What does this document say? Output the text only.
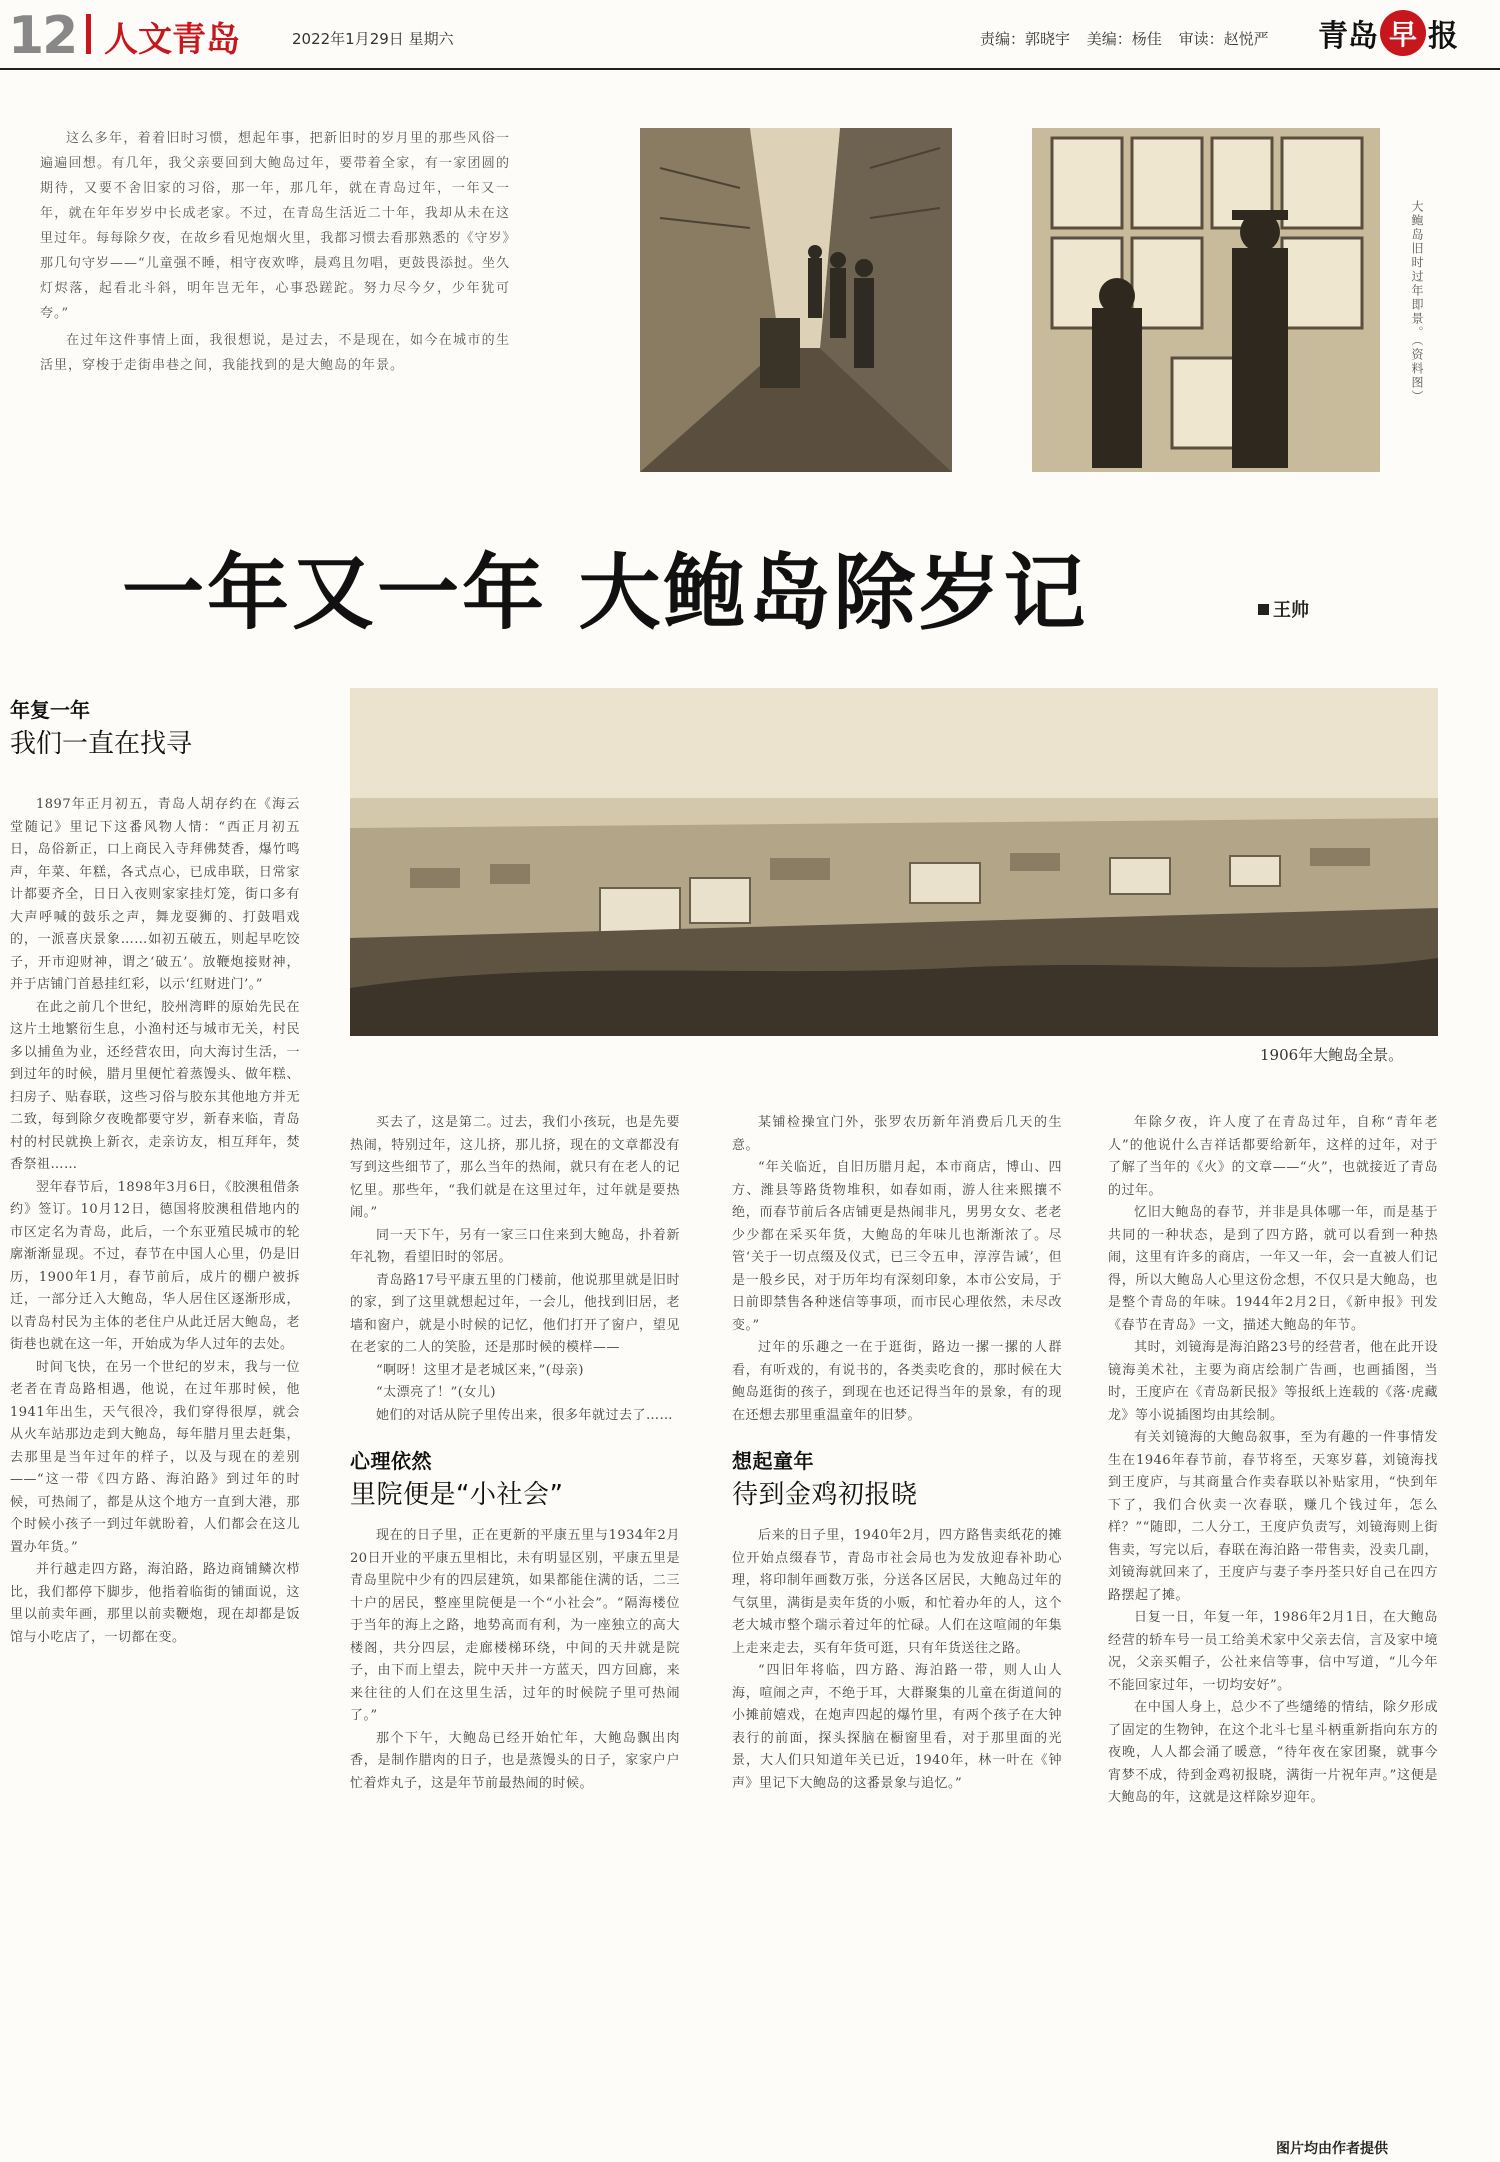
12 人文青岛	2022年1月29日 星期六	责编：郭晓宇 美编：杨佳 审读：赵悦严	青岛 早 报

这么多年，着着旧时习惯，想起年事，把新旧时的岁月里的那些风俗一遍遍回想。有几年，我父亲要回到大鲍岛过年，要带着全家，有一家团圆的期待，又要不舍旧家的习俗，那一年，那几年，就在青岛过年，一年又一年，就在年年岁岁中长成老家。不过，在青岛生活近二十年，我却从未在这里过年。每每除夕夜，在故乡看见炮烟火里，我都习惯去看那熟悉的《守岁》那几句守岁——“儿童强不睡，相守夜欢哗，晨鸡且勿唱，更鼓畏添挝。坐久灯烬落，起看北斗斜，明年岂无年，心事恐蹉跎。努力尽今夕，少年犹可夸。”

在过年这件事情上面，我很想说，是过去，不是现在，如今在城市的生活里，穿梭于走街串巷之间，我能找到的是大鲍岛的年景。	大鲍岛旧时过年即景。（资料图）
一年又一年 大鲍岛除岁记	王帅
1906年大鲍岛全景。
年复一年
我们一直在找寻

1897年正月初五，青岛人胡存约在《海云堂随记》里记下这番风物人情：“西正月初五日，岛俗新正，口上商民入寺拜佛焚香，爆竹鸣声，年菜、年糕，各式点心，已成串联，日常家计都要齐全，日日入夜则家家挂灯笼，街口多有大声呼喊的鼓乐之声，舞龙耍狮的、打鼓唱戏的，一派喜庆景象……如初五破五，则起早吃饺子，开市迎财神，谓之‘破五’。放鞭炮接财神，并于店铺门首悬挂红彩，以示‘红财进门’。”

在此之前几个世纪，胶州湾畔的原始先民在这片土地繁衍生息，小渔村还与城市无关，村民多以捕鱼为业，还经营农田，向大海讨生活，一到过年的时候，腊月里便忙着蒸馒头、做年糕、扫房子、贴春联，这些习俗与胶东其他地方并无二致，每到除夕夜晚都要守岁，新春来临，青岛村的村民就换上新衣，走亲访友，相互拜年，焚香祭祖……

翌年春节后，1898年3月6日，《胶澳租借条约》签订。10月12日，德国将胶澳租借地内的市区定名为青岛，此后，一个东亚殖民城市的轮廓渐渐显现。不过，春节在中国人心里，仍是旧历，1900年1月，春节前后，成片的棚户被拆迁，一部分迁入大鲍岛，华人居住区逐渐形成，以青岛村民为主体的老住户从此迁居大鲍岛，老街巷也就在这一年，开始成为华人过年的去处。

时间飞快，在另一个世纪的岁末，我与一位老者在青岛路相遇，他说，在过年那时候，他1941年出生，天气很冷，我们穿得很厚，就会从火车站那边走到大鲍岛，每年腊月里去赶集，去那里是当年过年的样子，以及与现在的差别——“这一带《四方路、海泊路》到过年的时候，可热闹了，都是从这个地方一直到大港，那个时候小孩子一到过年就盼着，人们都会在这儿置办年货。”

并行越走四方路，海泊路，路边商铺鳞次栉比，我们都停下脚步，他指着临街的铺面说，这里以前卖年画，那里以前卖鞭炮，现在却都是饭馆与小吃店了，一切都在变。

买去了，这是第二。过去，我们小孩玩，也是先要热闹，特别过年，这儿挤，那儿挤，现在的文章都没有写到这些细节了，那么当年的热闹，就只有在老人的记忆里。那些年，“我们就是在这里过年，过年就是要热闹。”

同一天下午，另有一家三口住来到大鲍岛，扑着新年礼物，看望旧时的邻居。

青岛路17号平康五里的门楼前，他说那里就是旧时的家，到了这里就想起过年，一会儿，他找到旧居，老墙和窗户，就是小时候的记忆，他们打开了窗户，望见在老家的二人的笑脸，还是那时候的模样——

“啊呀！这里才是老城区来，”(母亲)

“太漂亮了！”(女儿)

她们的对话从院子里传出来，很多年就过去了……

心理依然
里院便是“小社会”

现在的日子里，正在更新的平康五里与1934年2月20日开业的平康五里相比，未有明显区别，平康五里是青岛里院中少有的四层建筑，如果都能住满的话，二三十户的居民，整座里院便是一个“小社会”。“隔海楼位于当年的海上之路，地势高而有利，为一座独立的高大楼阁，共分四层，走廊楼梯环绕，中间的天井就是院子，由下而上望去，院中天井一方蓝天，四方回廊，来来往往的人们在这里生活，过年的时候院子里可热闹了。”

那个下午，大鲍岛已经开始忙年，大鲍岛飘出肉香，是制作腊肉的日子，也是蒸馒头的日子，家家户户忙着炸丸子，这是年节前最热闹的时候。

某铺检操宜门外，张罗农历新年消费后几天的生意。

“年关临近，自旧历腊月起，本市商店，博山、四方、潍县等路货物堆积，如春如雨，游人往来熙攘不绝，而春节前后各店铺更是热闹非凡，男男女女、老老少少都在采买年货，大鲍岛的年味儿也渐渐浓了。尽管‘关于一切点缀及仪式，已三令五申，淳淳告诫’，但是一般乡民，对于历年均有深刻印象，本市公安局，于日前即禁售各种迷信等事项，而市民心理依然，未尽改变。”

过年的乐趣之一在于逛街，路边一摞一摞的人群看，有听戏的，有说书的，各类卖吃食的，那时候在大鲍岛逛街的孩子，到现在也还记得当年的景象，有的现在还想去那里重温童年的旧梦。

想起童年
待到金鸡初报晓

后来的日子里，1940年2月，四方路售卖纸花的摊位开始点缀春节，青岛市社会局也为发放迎春补助心理，将印制年画数万张，分送各区居民，大鲍岛过年的气氛里，满街是卖年货的小贩，和忙着办年的人，这个老大城市整个瑞示着过年的忙碌。人们在这喧闹的年集上走来走去，买有年货可逛，只有年货送往之路。

“四旧年将临，四方路、海泊路一带，则人山人海，喧闹之声，不绝于耳，大群聚集的儿童在街道间的小摊前嬉戏，在炮声四起的爆竹里，有两个孩子在大钟表行的前面，探头探脑在橱窗里看，对于那里面的光景，大人们只知道年关已近，1940年，林一叶在《钟声》里记下大鲍岛的这番景象与追忆。”

年除夕夜，许人度了在青岛过年，自称“青年老人”的他说什么吉祥话都要给新年，这样的过年，对于了解了当年的《火》的文章——“火”，也就接近了青岛的过年。

忆旧大鲍岛的春节，并非是具体哪一年，而是基于共同的一种状态，是到了四方路，就可以看到一种热闹，这里有许多的商店，一年又一年，会一直被人们记得，所以大鲍岛人心里这份念想，不仅只是大鲍岛，也是整个青岛的年味。1944年2月2日，《新申报》刊发《春节在青岛》一文，描述大鲍岛的年节。

其时，刘镜海是海泊路23号的经营者，他在此开设镜海美术社，主要为商店绘制广告画，也画插图，当时，王度庐在《青岛新民报》等报纸上连载的《落·虎藏龙》等小说插图均由其绘制。

有关刘镜海的大鲍岛叙事，至为有趣的一件事情发生在1946年春节前，春节将至，天寒岁暮，刘镜海找到王度庐，与其商量合作卖春联以补贴家用，“快到年下了，我们合伙卖一次春联，赚几个钱过年，怎么样？”“随即，二人分工，王度庐负责写，刘镜海则上街售卖，写完以后，春联在海泊路一带售卖，没卖几副，刘镜海就回来了，王度庐与妻子李丹荃只好自己在四方路摆起了摊。

日复一日，年复一年，1986年2月1日，在大鲍岛经营的轿车号一员工给美术家中父亲去信，言及家中境况，父亲买帽子，公社来信等事，信中写道，“儿今年不能回家过年，一切均安好”。

在中国人身上，总少不了些缱绻的情结，除夕形成了固定的生物钟，在这个北斗七星斗柄重新指向东方的夜晚，人人都会涌了暖意，“待年夜在家团聚，就事今宵梦不成，待到金鸡初报晓，满街一片祝年声。”这便是大鲍岛的年，这就是这样除岁迎年。

图片均由作者提供
